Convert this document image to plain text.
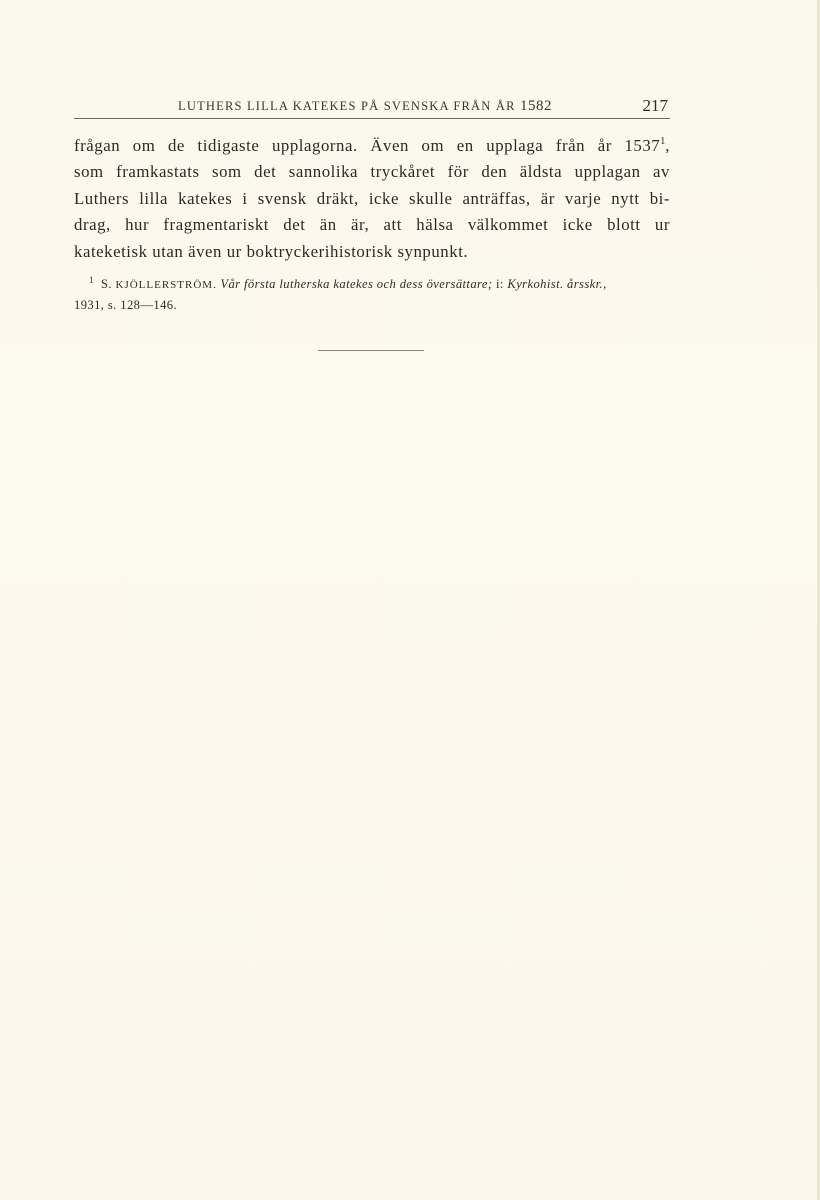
LUTHERS LILLA KATEKES PÅ SVENSKA FRÅN ÅR 1582	217
frågan om de tidigaste upplagorna. Även om en upplaga från år 1537$^1$,
som framkastats som det sannolika tryckåret för den äldsta upplagan av
Luthers lilla katekes i svensk dräkt, icke skulle anträffas, är varje nytt bi-
drag, hur fragmentariskt det än är, att hälsa välkommet icke blott ur
kateketisk utan även ur boktryckerihistorisk synpunkt.
1 S. KJÖLLERSTRÖM. Vår första lutherska katekes och dess översättare; i: Kyrkohist. årsskr.,
1931, s. 128—146.
